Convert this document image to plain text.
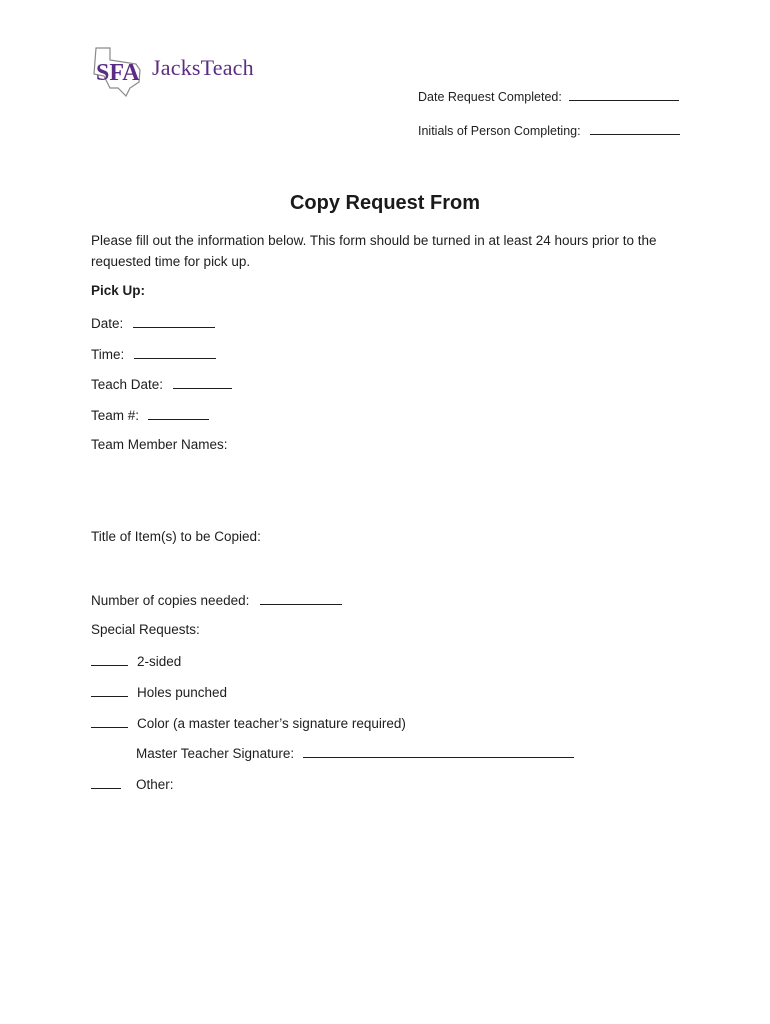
SFA JacksTeach
Date Request Completed:
Initials of Person Completing:
Copy Request From
Please fill out the information below. This form should be turned in at least 24 hours prior to the requested time for pick up.
Pick Up:
Date:
Time:
Teach Date:
Team #:
Team Member Names:
Title of Item(s) to be Copied:
Number of copies needed:
Special Requests:
2-sided
Holes punched
Color (a master teacher’s signature required)
Master Teacher Signature:
Other:
